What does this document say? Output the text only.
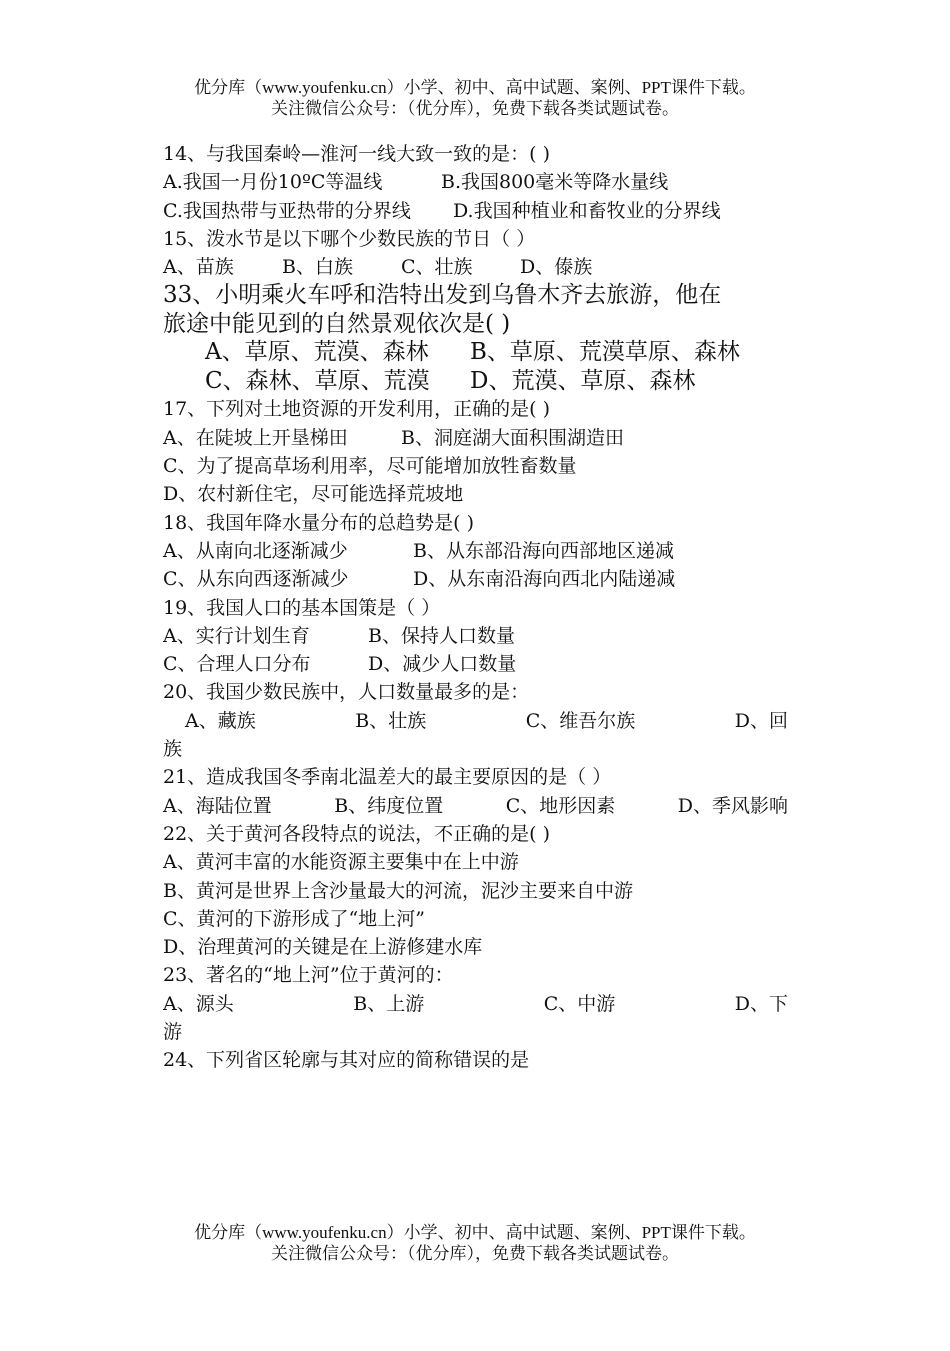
优分库（www.youfenku.cn）小学、初中、高中试题、案例、PPT课件下载。
关注微信公众号：（优分库），免费下载各类试题试卷。
14、与我国秦岭—淮河一线大致一致的是：( )
A.我国一月份10ºC等温线	B.我国800毫米等降水量线
C.我国热带与亚热带的分界线 D.我国种植业和畜牧业的分界线
15、泼水节是以下哪个少数民族的节日（ ）
A、苗族	B、白族	C、壮族 D、傣族
33、小明乘火车呼和浩特出发到乌鲁木齐去旅游，他在
旅途中能见到的自然景观依次是( )
A、草原、荒漠、森林 B、草原、荒漠草原、森林
C、森林、草原、荒漠 D、荒漠、草原、森林
17、下列对土地资源的开发利用，正确的是( )
A、在陡坡上开垦梯田	B、洞庭湖大面积围湖造田
C、为了提高草场利用率，尽可能增加放牲畜数量
D、农村新住宅，尽可能选择荒坡地
18、我国年降水量分布的总趋势是( )
A、从南向北逐渐减少	B、从东部沿海向西部地区递减
C、从东向西逐渐减少	D、从东南沿海向西北内陆递减
19、我国人口的基本国策是（ ）
A、实行计划生育	B、保持人口数量
C、合理人口分布	D、减少人口数量
20、我国少数民族中，人口数量最多的是：
A、藏族	B、壮族	C、维吾尔族	D、回
族
21、造成我国冬季南北温差大的最主要原因的是（ ）
A、海陆位置	B、纬度位置	C、地形因素	D、季风影响
22、关于黄河各段特点的说法，不正确的是( )
A、黄河丰富的水能资源主要集中在上中游
B、黄河是世界上含沙量最大的河流，泥沙主要来自中游
C、黄河的下游形成了“地上河”
D、治理黄河的关键是在上游修建水库
23、著名的“地上河”位于黄河的：
A、源头	B、上游	C、中游	D、下
游
24、下列省区轮廓与其对应的简称错误的是
优分库（www.youfenku.cn）小学、初中、高中试题、案例、PPT课件下载。
关注微信公众号：（优分库），免费下载各类试题试卷。
